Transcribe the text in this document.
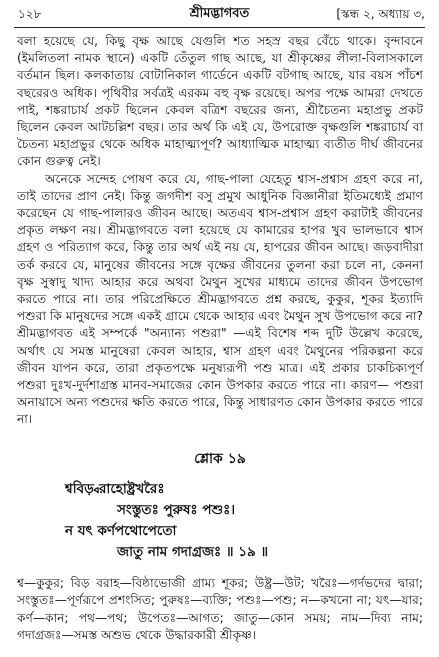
১২৮	শ্রীমদ্ভাগবত	[স্কন্ধ ২, অধ্যায় ৩,

বলা হয়েছে যে, কিছু বৃক্ষ আছে যেগুলি শত সহস্র বছর বেঁচে থাকে। বৃন্দাবনে (ইমলিতলা নামক স্থানে) একটি তেঁতুল গাছ আছে, যা শ্রীকৃষ্ণের লীলা-বিলাসকালে বর্তমান ছিল। কলকাতায় বোটানিকাল গার্ডেনে একটি বটগাছ আছে, যার বয়স পাঁচশ বছরেরও অধিক। পৃথিবীর সর্বত্রই এরকম বহু বৃক্ষ রয়েছে। অপর পক্ষে আমরা দেখতে পাই, শঙ্করাচার্য প্রকট ছিলেন কেবল বত্রিশ বছরের জন্য, শ্রীচৈতন্য মহাপ্রভু প্রকট ছিলেন কেবল আটচল্লিশ বছর। তার অর্থ কি এই যে, উপরোক্ত বৃক্ষগুলি শঙ্করাচার্য বা চৈতন্য মহাপ্রভুর থেকে অধিক মাহাত্ম্যপূর্ণ? আধ্যাত্মিক মাহাত্ম্য ব্যতীত দীর্ঘ জীবনের কোন গুরুত্ব নেই।

অনেকে সন্দেহ পোষণ করে যে, গাছ-পালা যেহেতু শ্বাস-প্রশ্বাস গ্রহণ করে না, তাই তাদের প্রাণ নেই। কিন্তু জগদীশ বসু প্রমুখ আধুনিক বিজ্ঞানীরা ইতিমধ্যেই প্রমাণ করেছেন যে গাছ-পালারও জীবন আছে। অতএব শ্বাস-প্রশ্বাস গ্রহণ করাটাই জীবনের প্রকৃত লক্ষণ নয়। শ্রীমদ্ভাগবতে বলা হয়েছে যে কামারের হাপর খুব ভালভাবে শ্বাস গ্রহণ ও পরিত্যাগ করে, কিন্তু তার অর্থ এই নয় যে, হাপরের জীবন আছে। জড়বাদীরা তর্ক করবে যে, মানুষের জীবনের সঙ্গে বৃক্ষের জীবনের তুলনা করা চলে না, কেননা বৃক্ষ সুস্বাদু খাদ্য আহার করে অথবা মৈথুন সুখের মাধ্যমে তাদের জীবন উপভোগ করতে পারে না। তার পরিপ্রেক্ষিতে শ্রীমদ্ভাগবতে প্রশ্ন করছে, কুকুর, শূকর ইত্যাদি পশুরা কি মানুষদের সঙ্গে একই গ্রামে থেকে আহার এবং মৈথুন সুখ উপভোগ করে না? শ্রীমদ্ভাগবত এই সম্পর্কে "অন্যান্য পশুরা" —এই বিশেষ শব্দ দুটি উল্লেখ করেছে, অর্থাৎ যে সমস্ত মানুষেরা কেবল আহার, শ্বাস গ্রহণ এবং মৈথুনের পরিকল্পনা করে জীবন যাপন করে, তারা প্রকৃতপক্ষে মনুষ্যরূপী পশু মাত্র। এই প্রকার চাকচিক্যপূর্ণ পশুরা দুঃখ-দুর্দশাগ্রস্ত মানব-সমাজের কোন উপকার করতে পারে না। কারণ— পশুরা অনায়াসে অন্য পশুদের ক্ষতি করতে পারে, কিন্তু সাধারণত কোন উপকার করতে পারে না।

শ্লোক ১৯
শ্ববিড়্বরাহোষ্ট্রখরৈঃ
সংস্তুতঃ পুরুষঃ পশুঃ।
ন যৎ কর্ণপথোপেতো
জাতু নাম গদাগ্রজঃ ॥ ১৯ ॥

শ্ব—কুকুর; বিড় বরাহ—বিষ্ঠাভোজী গ্রাম্য শূকর; উষ্ট্র—উট; খরৈঃ—গর্দভদের দ্বারা; সংস্তুতঃ—পূর্ণরূপে প্রশংসিত; পুরুষঃ—ব্যক্তি; পশুঃ—পশু; ন—কখনো না; যৎ—যার; কর্ণ—কান; পথ—পথ; উপেতঃ—আগত; জাতু—কোন সময়; নাম—দিব্য নাম; গদাগ্রজঃ—সমস্ত অশুভ থেকে উদ্ধারকারী শ্রীকৃষ্ণ।
